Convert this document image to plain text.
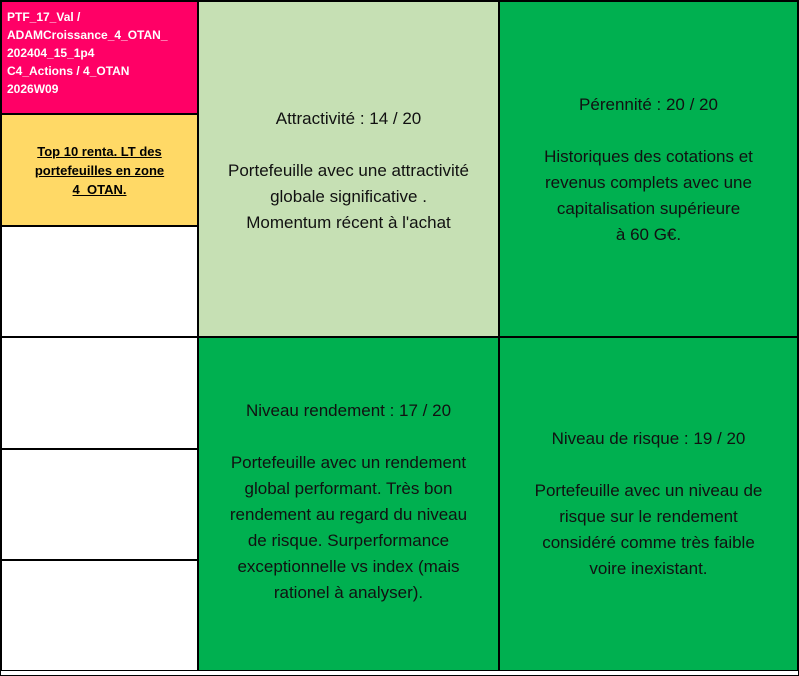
PTF_17_Val /
ADAMCroissance_4_OTAN_
202404_15_1p4
C4_Actions / 4_OTAN
2026W09
Top 10 renta. LT des portefeuilles en zone 4_OTAN.
Attractivité : 14 / 20
Portefeuille avec une attractivité
globale significative .
Momentum récent à l'achat
Pérennité : 20 / 20
Historiques des cotations et
revenus complets avec une
capitalisation supérieure
à 60 G€.
Niveau rendement : 17 / 20
Portefeuille avec un rendement
global performant. Très bon
rendement au regard du niveau
de risque. Surperformance
exceptionnelle vs index (mais
rationel à analyser).
Niveau de risque : 19 / 20
Portefeuille avec un niveau de
risque sur le rendement
considéré comme très faible
voire inexistant.
